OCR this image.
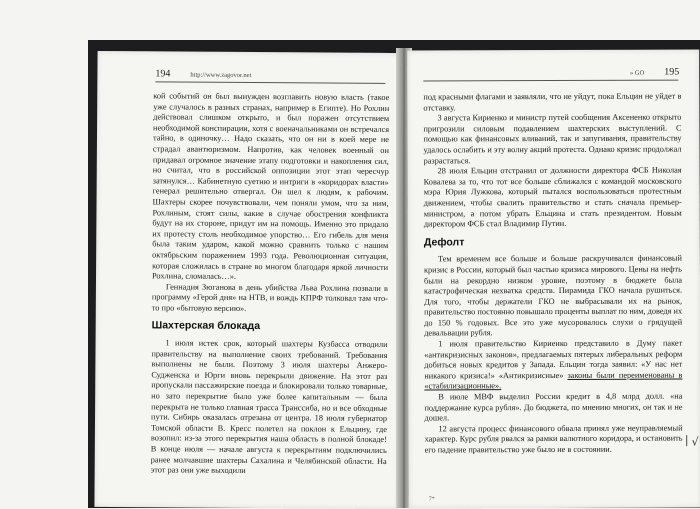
194	http://www.zagovor.net

кой событий он был вынужден возглавить новую власть (такое уже случалось в разных странах, например в Египте). Но Рохлин действовал слишком открыто, и был поражен отсутствием необходимой конспирации, хотя с военачальниками он встречался тайно, в одиночку… Надо сказать, что он ни в коей мере не страдал авантюризмом. Напротив, как человек военный он придавал огромное значение этапу подготовки и накопления сил, но считал, что в российской оппозиции этот этап чересчур затянулся… Кабинетную суетню и интриги в «коридорах власти» генерал решительно отвергал. Он шел к людям, к рабочим. Шахтеры скорее почувствовали, чем поняли умом, что за ним, Рохлиным, стоят силы, какие в случае обострения конфликта будут на их стороне, придут им на помощь. Именно это придало их протесту столь необходимое упорство… Его гибель для меня была таким ударом, какой можно сравнить только с нашим октябрьским поражением 1993 года. Революционная ситуация, которая сложилась в стране во многом благодаря яркой личности Рохлина, сломалась…».

Геннадия Зюганова в день убийства Льва Рохлина позвали в программу «Герой дня» на НТВ, и вождь КПРФ толковал там что-то про «бытовую версию».

Шахтерская блокада

1 июля истек срок, который шахтеры Кузбасса отводили правительству на выполнение своих требований. Требования выполнены не были. Поэтому 3 июля шахтеры Анжеро-Судженска и Юрги вновь перекрыли движение. На этот раз пропускали пассажирские поезда и блокировали только товарные, но зато перекрытие было уже более капитальным — была перекрыта не только главная трасса Транссиба, но и все обходные пути. Сибирь оказалась отрезана от центра. 18 июля губернатор Томской области В. Кресс полетел на поклон к Ельцину, где возопил: из-за этого перекрытия наша область в полной блокаде! В конце июля — начале августа к перекрытиям подключились ранее молчавшие шахтеры Сахалина и Челябинской области. На этот раз они уже выходили

» GO 195

под красными флагами и заявляли, что не уйдут, пока Ельцин не уйдет в отставку.

3 августа Кириенко и министр путей сообщения Аксененко открыто пригрозили силовым подавлением шахтерских выступлений. С помощью как финансовых вливаний, так и запугивания, правительству удалось ослабить и эту волну акций протеста. Однако кризис продолжал разрастаться.

28 июля Ельцин отстранил от должности директора ФСБ Николая Ковалева за то, что тот все больше сближался с командой московского мэра Юрия Лужкова, который пытался воспользоваться протестным движением, чтобы свалить правительство и стать сначала премьер-министром, а потом убрать Ельцина и стать президентом. Новым директором ФСБ стал Владимир Путин.

Дефолт

Тем временем все больше и больше раскручивался финансовый кризис в России, который был частью кризиса мирового. Цены на нефть были на рекордно низком уровне, поэтому в бюджете была катастрофическая нехватка средств. Пирамида ГКО начала рушиться. Для того, чтобы держатели ГКО не выбрасывали их на рынок, правительство постоянно повышало проценты выплат по ним, доведя их до 150 % годовых. Все это уже мусоровалось слухи о грядущей девальвации рубля.

1 июля правительство Кириенко представило в Думу пакет «антикризисных законов», предлагаемых пятерых либеральных реформ добиться новых кредитов у Запада. Ельцин тогда заявил: «У нас нет никакого кризиса!» «Антикризисные» законы были переименованы в «стабилизационные».

В июле МВФ выделил России кредит в 4,8 млрд долл. «на поддержание курса рубля». До бюджета, по мнению многих, он так и не дошел.

12 августа процесс финансового обвала принял уже неуправляемый характер. Курс рубля рвался за рамки валютного коридора, и остановить его падение правительство уже было не в состоянии.

√
|
7*
